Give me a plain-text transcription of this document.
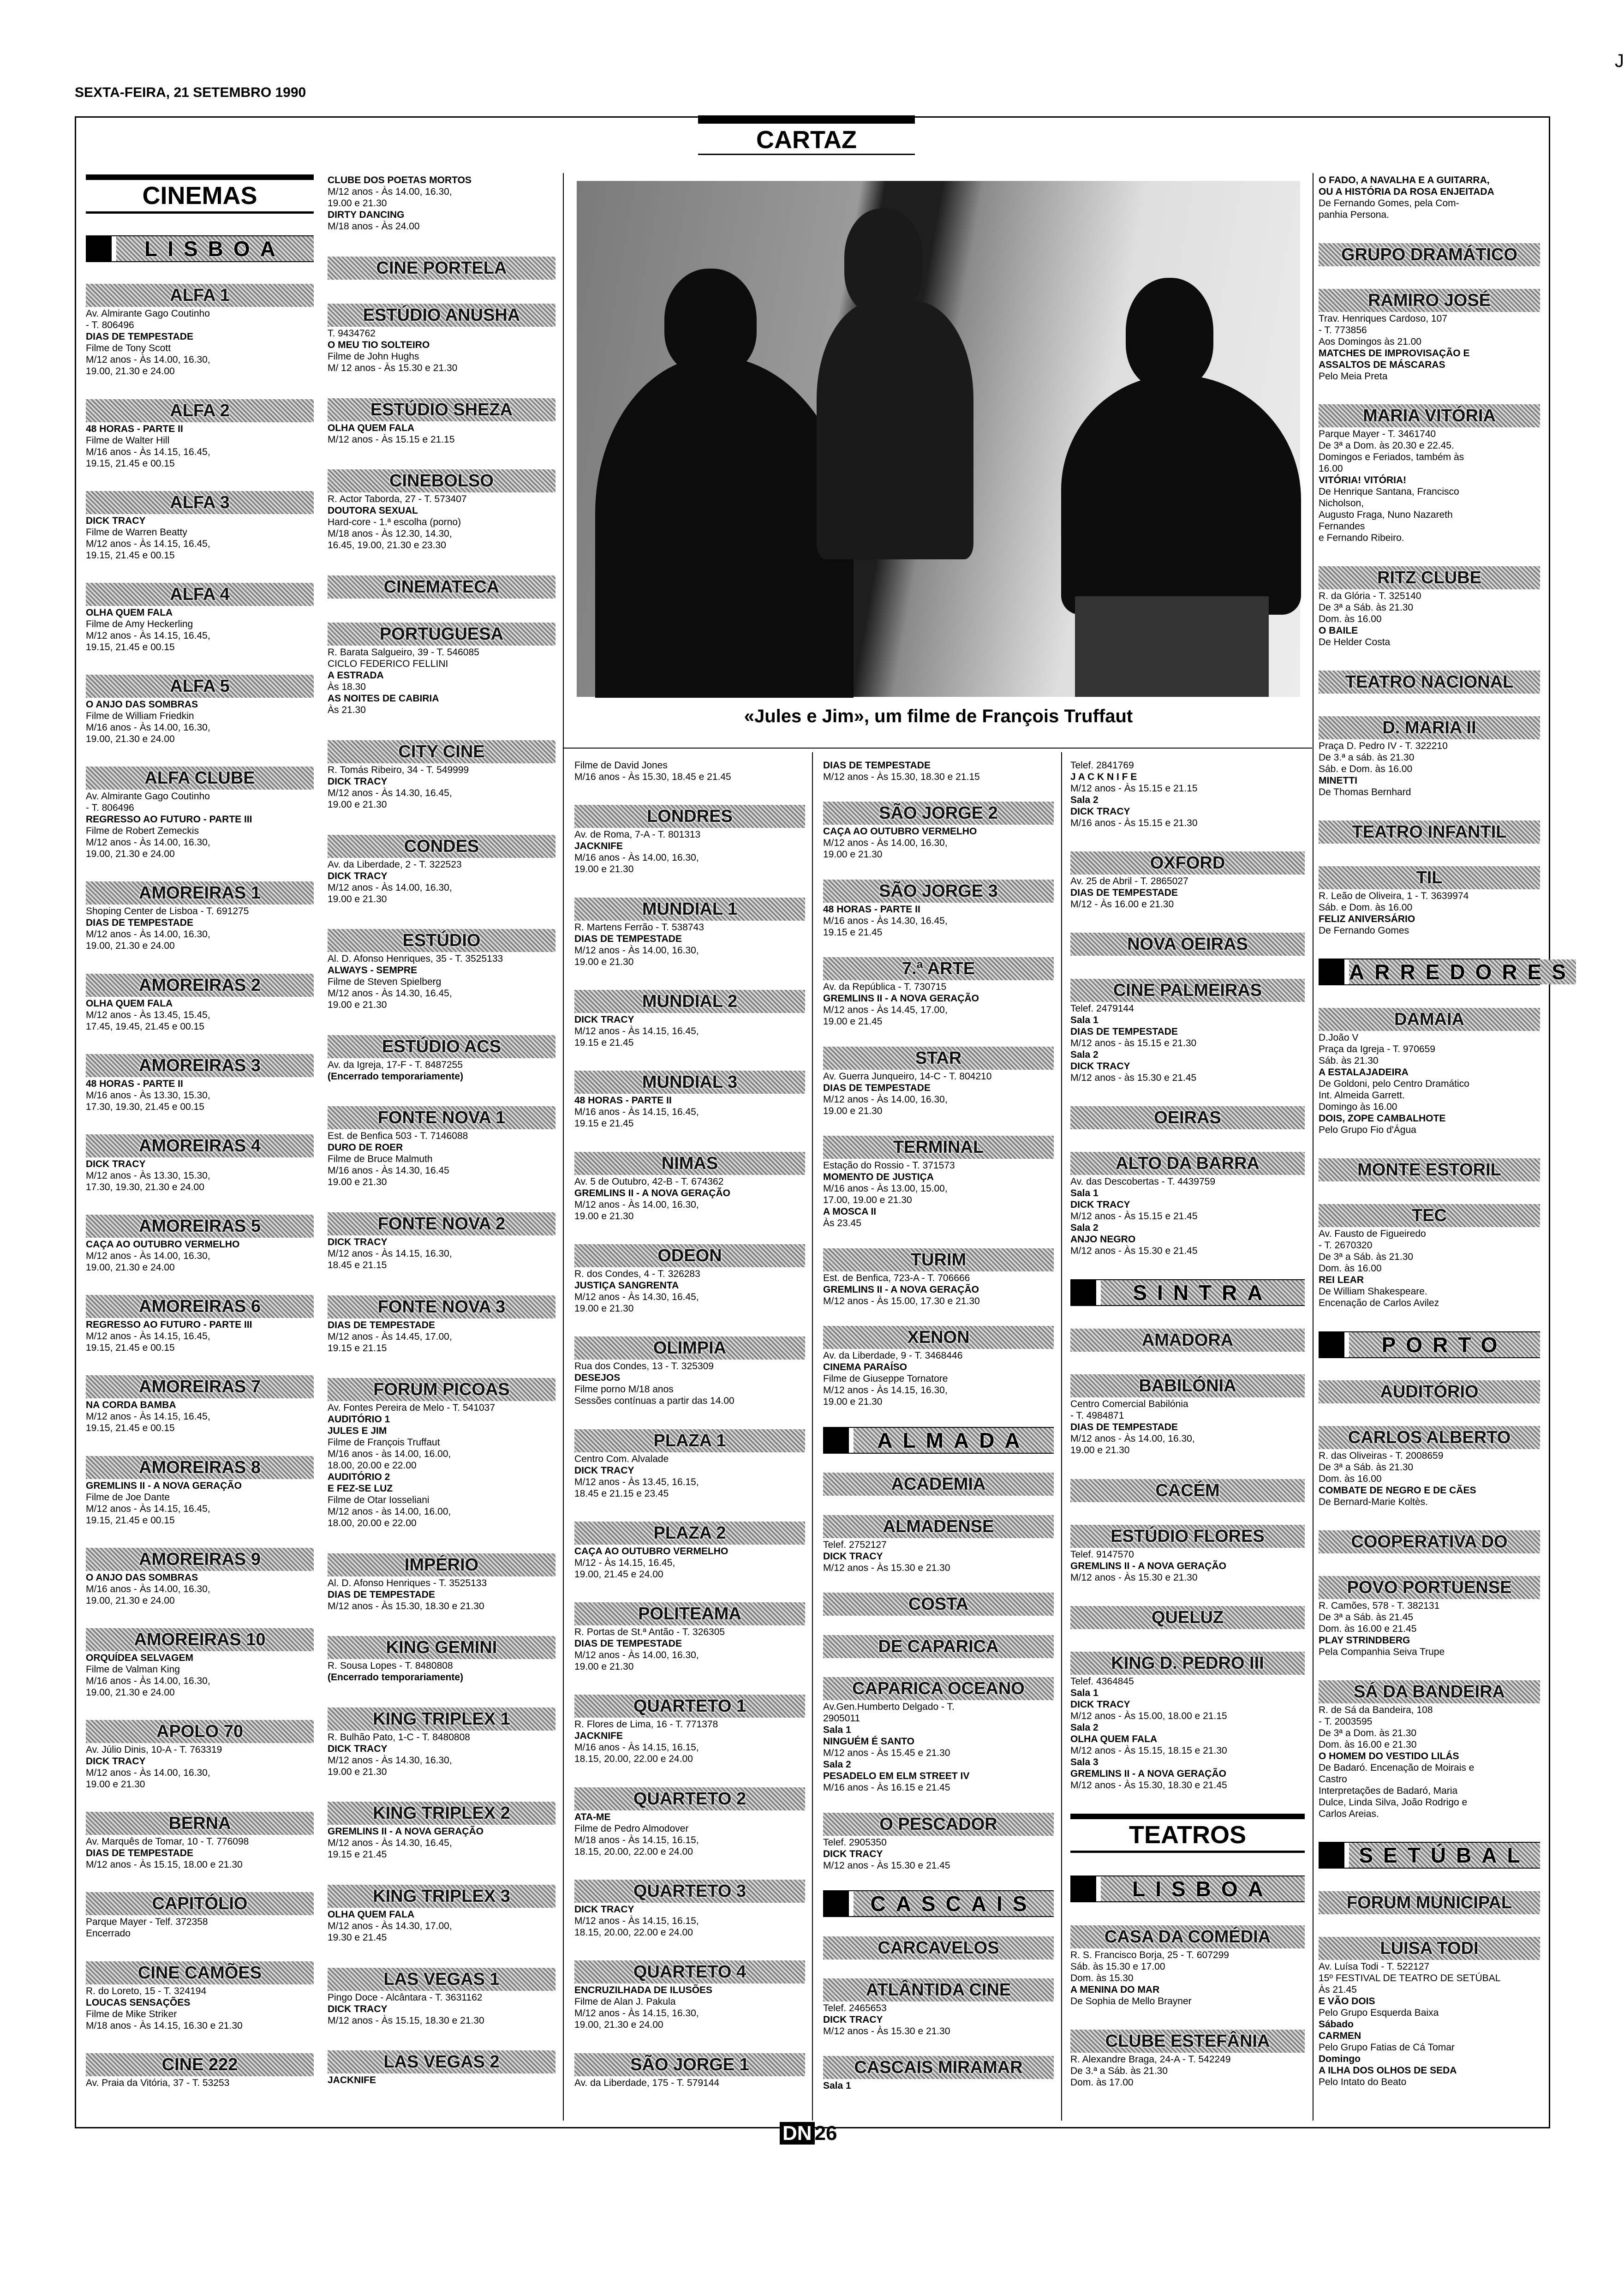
SEXTA-FEIRA, 21 SETEMBRO 1990
J
CARTAZ
«Jules e Jim», um filme de François Truffaut
CINEMAS
LISBOA
ALFA 1
Av. Almirante Gago Coutinho
- T. 806496
DIAS DE TEMPESTADE
Filme de Tony Scott
M/12 anos - Às 14.00, 16.30,
19.00, 21.30 e 24.00
ALFA 2
48 HORAS - PARTE II
Filme de Walter Hill
M/16 anos - Às 14.15, 16.45,
19.15, 21.45 e 00.15
ALFA 3
DICK TRACY
Filme de Warren Beatty
M/12 anos - Às 14.15, 16.45,
19.15, 21.45 e 00.15
ALFA 4
OLHA QUEM FALA
Filme de Amy Heckerling
M/12 anos - Às 14.15, 16.45,
19.15, 21.45 e 00.15
ALFA 5
O ANJO DAS SOMBRAS
Filme de William Friedkin
M/16 anos - Às 14.00, 16.30,
19.00, 21.30 e 24.00
ALFA CLUBE
Av. Almirante Gago Coutinho
- T. 806496
REGRESSO AO FUTURO - PARTE III
Filme de Robert Zemeckis
M/12 anos - Às 14.00, 16.30,
19.00, 21.30 e 24.00
AMOREIRAS 1
Shoping Center de Lisboa - T. 691275
DIAS DE TEMPESTADE
M/12 anos - Às 14.00, 16.30,
19.00, 21.30 e 24.00
AMOREIRAS 2
OLHA QUEM FALA
M/12 anos - Às 13.45, 15.45,
17.45, 19.45, 21.45 e 00.15
AMOREIRAS 3
48 HORAS - PARTE II
M/16 anos - Às 13.30, 15.30,
17.30, 19.30, 21.45 e 00.15
AMOREIRAS 4
DICK TRACY
M/12 anos - Às 13.30, 15.30,
17.30, 19.30, 21.30 e 24.00
AMOREIRAS 5
CAÇA AO OUTUBRO VERMELHO
M/12 anos - Às 14.00, 16.30,
19.00, 21.30 e 24.00
AMOREIRAS 6
REGRESSO AO FUTURO - PARTE III
M/12 anos - Às 14.15, 16.45,
19.15, 21.45 e 00.15
AMOREIRAS 7
NA CORDA BAMBA
M/12 anos - Às 14.15, 16.45,
19.15, 21.45 e 00.15
AMOREIRAS 8
GREMLINS II - A NOVA GERAÇÃO
Filme de Joe Dante
M/12 anos - Às 14.15, 16.45,
19.15, 21.45 e 00.15
AMOREIRAS 9
O ANJO DAS SOMBRAS
M/16 anos - Às 14.00, 16.30,
19.00, 21.30 e 24.00
AMOREIRAS 10
ORQUÍDEA SELVAGEM
Filme de Valman King
M/16 anos - Às 14.00, 16.30,
19.00, 21.30 e 24.00
APOLO 70
Av. Júlio Dinis, 10-A - T. 763319
DICK TRACY
M/12 anos - Às 14.00, 16.30,
19.00 e 21.30
BERNA
Av. Marquês de Tomar, 10 - T. 776098
DIAS DE TEMPESTADE
M/12 anos - Às 15.15, 18.00 e 21.30
CAPITÓLIO
Parque Mayer - Telf. 372358
Encerrado
CINE CAMÕES
R. do Loreto, 15 - T. 324194
LOUCAS SENSAÇÕES
Filme de Mike Striker
M/18 anos - Às 14.15, 16.30 e 21.30
CINE 222
Av. Praia da Vitória, 37 - T. 53253
CLUBE DOS POETAS MORTOS
M/12 anos - Às 14.00, 16.30,
19.00 e 21.30
DIRTY DANCING
M/18 anos - Às 24.00
CINE PORTELA
ESTÚDIO ANUSHA
T. 9434762
O MEU TIO SOLTEIRO
Filme de John Hughs
M/ 12 anos - Às 15.30 e 21.30
ESTÚDIO SHEZA
OLHA QUEM FALA
M/12 anos - Às 15.15 e 21.15
CINEBOLSO
R. Actor Taborda, 27 - T. 573407
DOUTORA SEXUAL
Hard-core - 1.ª escolha (porno)
M/18 anos - Às 12.30, 14.30,
16.45, 19.00, 21.30 e 23.30
CINEMATECA
PORTUGUESA
R. Barata Salgueiro, 39 - T. 546085
CICLO FEDERICO FELLINI
A ESTRADA
Às 18.30
AS NOITES DE CABIRIA
Às 21.30
CITY CINE
R. Tomás Ribeiro, 34 - T. 549999
DICK TRACY
M/12 anos - Às 14.30, 16.45,
19.00 e 21.30
CONDES
Av. da Liberdade, 2 - T. 322523
DICK TRACY
M/12 anos - Às 14.00, 16.30,
19.00 e 21.30
ESTÚDIO
Al. D. Afonso Henriques, 35 - T. 3525133
ALWAYS - SEMPRE
Filme de Steven Spielberg
M/12 anos - Às 14.30, 16.45,
19.00 e 21.30
ESTÚDIO ACS
Av. da Igreja, 17-F - T. 8487255
(Encerrado temporariamente)
FONTE NOVA 1
Est. de Benfica 503 - T. 7146088
DURO DE ROER
Filme de Bruce Malmuth
M/16 anos - Às 14.30, 16.45
19.00 e 21.30
FONTE NOVA 2
DICK TRACY
M/12 anos - Às 14.15, 16.30,
18.45 e 21.15
FONTE NOVA 3
DIAS DE TEMPESTADE
M/12 anos - Às 14.45, 17.00,
19.15 e 21.15
FORUM PICOAS
Av. Fontes Pereira de Melo - T. 541037
AUDITÓRIO 1
JULES E JIM
Filme de François Truffaut
M/16 anos - às 14.00, 16.00,
18.00, 20.00 e 22.00
AUDITÓRIO 2
E FEZ-SE LUZ
Filme de Otar Iosseliani
M/12 anos - às 14.00, 16.00,
18.00, 20.00 e 22.00
IMPÉRIO
Al. D. Afonso Henriques - T. 3525133
DIAS DE TEMPESTADE
M/12 anos - Às 15.30, 18.30 e 21.30
KING GEMINI
R. Sousa Lopes - T. 8480808
(Encerrado temporariamente)
KING TRIPLEX 1
R. Bulhão Pato, 1-C - T. 8480808
DICK TRACY
M/12 anos - Às 14.30, 16.30,
19.00 e 21.30
KING TRIPLEX 2
GREMLINS II - A NOVA GERAÇÃO
M/12 anos - Às 14.30, 16.45,
19.15 e 21.45
KING TRIPLEX 3
OLHA QUEM FALA
M/12 anos - Às 14.30, 17.00,
19.30 e 21.45
LAS VEGAS 1
Pingo Doce - Alcântara - T. 3631162
DICK TRACY
M/12 anos - Às 15.15, 18.30 e 21.30
LAS VEGAS 2
JACKNIFE
Filme de David Jones
M/16 anos - Às 15.30, 18.45 e 21.45
LONDRES
Av. de Roma, 7-A - T. 801313
JACKNIFE
M/16 anos - Às 14.00, 16.30,
19.00 e 21.30
MUNDIAL 1
R. Martens Ferrão - T. 538743
DIAS DE TEMPESTADE
M/12 anos - Às 14.00, 16.30,
19.00 e 21.30
MUNDIAL 2
DICK TRACY
M/12 anos - Às 14.15, 16.45,
19.15 e 21.45
MUNDIAL 3
48 HORAS - PARTE II
M/16 anos - Às 14.15, 16.45,
19.15 e 21.45
NIMAS
Av. 5 de Outubro, 42-B - T. 674362
GREMLINS II - A NOVA GERAÇÃO
M/12 anos - Às 14.00, 16.30,
19.00 e 21.30
ODEON
R. dos Condes, 4 - T. 326283
JUSTIÇA SANGRENTA
M/12 anos - Às 14.30, 16.45,
19.00 e 21.30
OLIMPIA
Rua dos Condes, 13 - T. 325309
DESEJOS
Filme porno M/18 anos
Sessões contínuas a partir das 14.00
PLAZA 1
Centro Com. Alvalade
DICK TRACY
M/12 anos - Às 13.45, 16.15,
18.45 e 21.15 e 23.45
PLAZA 2
CAÇA AO OUTUBRO VERMELHO
M/12 - Às 14.15, 16.45,
19.00, 21.45 e 24.00
POLITEAMA
R. Portas de St.ª Antão - T. 326305
DIAS DE TEMPESTADE
M/12 anos - Às 14.00, 16.30,
19.00 e 21.30
QUARTETO 1
R. Flores de Lima, 16 - T. 771378
JACKNIFE
M/16 anos - Às 14.15, 16.15,
18.15, 20.00, 22.00 e 24.00
QUARTETO 2
ATA-ME
Filme de Pedro Almodover
M/18 anos - Às 14.15, 16.15,
18.15, 20.00, 22.00 e 24.00
QUARTETO 3
DICK TRACY
M/12 anos - Às 14.15, 16.15,
18.15, 20.00, 22.00 e 24.00
QUARTETO 4
ENCRUZILHADA DE ILUSÕES
Filme de Alan J. Pakula
M/12 anos - Às 14.15, 16.30,
19.00, 21.30 e 24.00
SÃO JORGE 1
Av. da Liberdade, 175 - T. 579144
DIAS DE TEMPESTADE
M/12 anos - Às 15.30, 18.30 e 21.15
SÃO JORGE 2
CAÇA AO OUTUBRO VERMELHO
M/12 anos - Às 14.00, 16.30,
19.00 e 21.30
SÃO JORGE 3
48 HORAS - PARTE II
M/16 anos - Às 14.30, 16.45,
19.15 e 21.45
7.ª ARTE
Av. da República - T. 730715
GREMLINS II - A NOVA GERAÇÃO
M/12 anos - Às 14.45, 17.00,
19.00 e 21.45
STAR
Av. Guerra Junqueiro, 14-C - T. 804210
DIAS DE TEMPESTADE
M/12 anos - Às 14.00, 16.30,
19.00 e 21.30
TERMINAL
Estação do Rossio - T. 371573
MOMENTO DE JUSTIÇA
M/16 anos - Às 13.00, 15.00,
17.00, 19.00 e 21.30
A MOSCA II
Às 23.45
TURIM
Est. de Benfica, 723-A - T. 706666
GREMLINS II - A NOVA GERAÇÃO
M/12 anos - Às 15.00, 17.30 e 21.30
XENON
Av. da Liberdade, 9 - T. 3468446
CINEMA PARAÍSO
Filme de Giuseppe Tornatore
M/12 anos - Às 14.15, 16.30,
19.00 e 21.30
ALMADA
ACADEMIA
ALMADENSE
Telef. 2752127
DICK TRACY
M/12 anos - Às 15.30 e 21.30
COSTA
DE CAPARICA
CAPARICA OCEANO
Av.Gen.Humberto Delgado - T.
2905011
Sala 1
NINGUÉM É SANTO
M/12 anos - Às 15.45 e 21.30
Sala 2
PESADELO EM ELM STREET IV
M/16 anos - Às 16.15 e 21.45
O PESCADOR
Telef. 2905350
DICK TRACY
M/12 anos - Às 15.30 e 21.45
CASCAIS
CARCAVELOS
ATLÂNTIDA CINE
Telef. 2465653
DICK TRACY
M/12 anos - Às 15.30 e 21.30
CASCAIS MIRAMAR
Sala 1
Telef. 2841769
J A C K N I F E
M/12 anos - Às 15.15 e 21.15
Sala 2
DICK TRACY
M/16 anos - Às 15.15 e 21.30
OXFORD
Av. 25 de Abril - T. 2865027
DIAS DE TEMPESTADE
M/12 - Às 16.00 e 21.30
NOVA OEIRAS
CINE PALMEIRAS
Telef. 2479144
Sala 1
DIAS DE TEMPESTADE
M/12 anos - às 15.15 e 21.30
Sala 2
DICK TRACY
M/12 anos - às 15.30 e 21.45
OEIRAS
ALTO DA BARRA
Av. das Descobertas - T. 4439759
Sala 1
DICK TRACY
M/12 anos - Às 15.15 e 21.45
Sala 2
ANJO NEGRO
M/12 anos - Às 15.30 e 21.45
SINTRA
AMADORA
BABILÓNIA
Centro Comercial Babilónia
- T. 4984871
DIAS DE TEMPESTADE
M/12 anos - Às 14.00, 16.30,
19.00 e 21.30
CACÉM
ESTÚDIO FLORES
Telef. 9147570
GREMLINS II - A NOVA GERAÇÃO
M/12 anos - Às 15.30 e 21.30
QUELUZ
KING D. PEDRO III
Telef. 4364845
Sala 1
DICK TRACY
M/12 anos - Às 15.00, 18.00 e 21.15
Sala 2
OLHA QUEM FALA
M/12 anos - Às 15.15, 18.15 e 21.30
Sala 3
GREMLINS II - A NOVA GERAÇÃO
M/12 anos - Às 15.30, 18.30 e 21.45
TEATROS
LISBOA
CASA DA COMÉDIA
R. S. Francisco Borja, 25 - T. 607299
Sáb. às 15.30 e 17.00
Dom. às 15.30
A MENINA DO MAR
De Sophia de Mello Brayner
CLUBE ESTEFÂNIA
R. Alexandre Braga, 24-A - T. 542249
De 3.ª a Sáb. às 21.30
Dom. às 17.00
O FADO, A NAVALHA E A GUITARRA,
OU A HISTÓRIA DA ROSA ENJEITADA
De Fernando Gomes, pela Com-
panhia Persona.
GRUPO DRAMÁTICO
RAMIRO JOSÉ
Trav. Henriques Cardoso, 107
- T. 773856
Aos Domingos às 21.00
MATCHES DE IMPROVISAÇÃO E
ASSALTOS DE MÁSCARAS
Pelo Meia Preta
MARIA VITÓRIA
Parque Mayer - T. 3461740
De 3ª a Dom. às 20.30 e 22.45.
Domingos e Feriados, também às
16.00
VITÓRIA! VITÓRIA!
De Henrique Santana, Francisco
Nicholson,
Augusto Fraga, Nuno Nazareth
Fernandes
e Fernando Ribeiro.
RITZ CLUBE
R. da Glória - T. 325140
De 3ª a Sáb. às 21.30
Dom. às 16.00
O BAILE
De Helder Costa
TEATRO NACIONAL
D. MARIA II
Praça D. Pedro IV - T. 322210
De 3.ª a sáb. às 21.30
Sáb. e Dom. às 16.00
MINETTI
De Thomas Bernhard
TEATRO INFANTIL
TIL
R. Leão de Oliveira, 1 - T. 3639974
Sáb. e Dom. às 16.00
FELIZ ANIVERSÁRIO
De Fernando Gomes
ARREDORES
DAMAIA
D.João V
Praça da Igreja - T. 970659
Sáb. às 21.30
A ESTALAJADEIRA
De Goldoni, pelo Centro Dramático
Int. Almeida Garrett.
Domingo às 16.00
DOIS, ZOPE CAMBALHOTE
Pelo Grupo Fio d'Água
MONTE ESTORIL
TEC
Av. Fausto de Figueiredo
- T. 2670320
De 3ª a Sáb. às 21.30
Dom. às 16.00
REI LEAR
De William Shakespeare.
Encenação de Carlos Avilez
PORTO
AUDITÓRIO
CARLOS ALBERTO
R. das Oliveiras - T. 2008659
De 3ª a Sáb. às 21.30
Dom. às 16.00
COMBATE DE NEGRO E DE CÃES
De Bernard-Marie Koltès.
COOPERATIVA DO
POVO PORTUENSE
R. Camões, 578 - T. 382131
De 3ª a Sáb. às 21.45
Dom. às 16.00 e 21.45
PLAY STRINDBERG
Pela Companhia Seiva Trupe
SÁ DA BANDEIRA
R. de Sá da Bandeira, 108
- T. 2003595
De 3ª a Dom. às 21.30
Dom. às 16.00 e 21.30
O HOMEM DO VESTIDO LILÁS
De Badaró. Encenação de Moirais e
Castro
Interpretações de Badaró, Maria
Dulce, Linda Silva, João Rodrigo e
Carlos Areias.
SETÚBAL
FORUM MUNICIPAL
LUISA TODI
Av. Luísa Todi - T. 522127
15º FESTIVAL DE TEATRO DE SETÚBAL
Às 21.45
E VÃO DOIS
Pelo Grupo Esquerda Baixa
Sábado
CARMEN
Pelo Grupo Fatias de Cá Tomar
Domingo
A ILHA DOS OLHOS DE SEDA
Pelo Intato do Beato
DN 26
